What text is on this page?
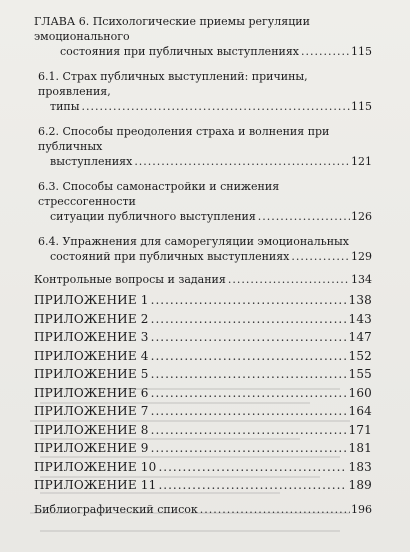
ГЛАВА 6. Психологические приемы регуляции эмоционального
состояния при публичных выступлениях .....	115
6.1. Страх публичных выступлений: причины, проявления,
типы .....	115
6.2. Способы преодоления страха и волнения при публичных
выступлениях .....	121
6.3. Способы самонастройки и снижения стрессогенности
ситуации публичного выступления .....	126
6.4. Упражнения для саморегуляции эмоциональных
состояний при публичных выступлениях .....	129
Контрольные вопросы и задания .....	134
ПРИЛОЖЕНИЕ 1 .....	138
ПРИЛОЖЕНИЕ 2 .....	143
ПРИЛОЖЕНИЕ 3 .....	147
ПРИЛОЖЕНИЕ 4 .....	152
ПРИЛОЖЕНИЕ 5 .....	155
ПРИЛОЖЕНИЕ 6 .....	160
ПРИЛОЖЕНИЕ 7 .....	164
ПРИЛОЖЕНИЕ 8 .....	171
ПРИЛОЖЕНИЕ 9 .....	181
ПРИЛОЖЕНИЕ 10 .....	183
ПРИЛОЖЕНИЕ 11 .....	189
Библиографический список .....	196
